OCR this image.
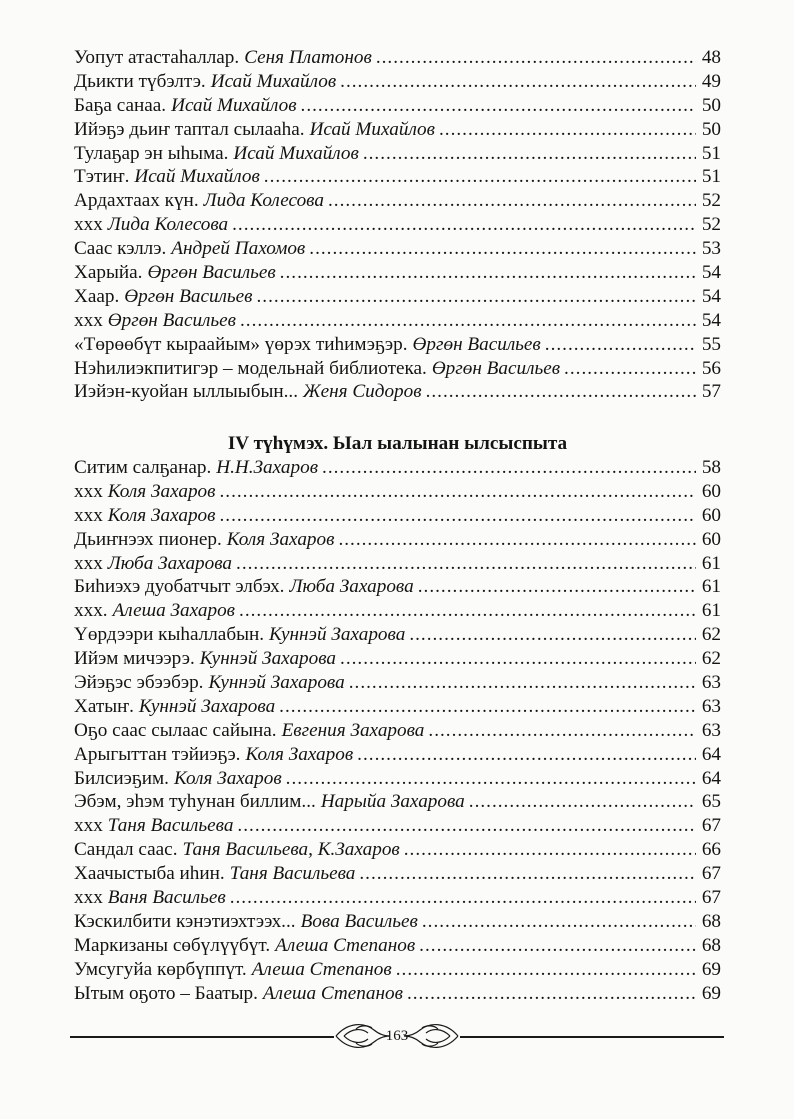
Уопут атастаһаллар. Сеня Платонов .....	48
Дьикти түбэлтэ. Исай Михайлов .....	49
Баҕа санаа. Исай Михайлов .....	50
Ийэҕэ дьиҥ таптал сылааһа. Исай Михайлов .....	50
Тулаҕар эн ыһыма. Исай Михайлов .....	51
Тэтиҥ. Исай Михайлов .....	51
Ардахтаах күн. Лида Колесова .....	52
ххх Лида Колесова .....	52
Саас кэллэ. Андрей Пахомов .....	53
Харыйа. Өргөн Васильев .....	54
Хаар. Өргөн Васильев .....	54
ххх Өргөн Васильев .....	54
«Төрөөбүт кыраайым» үөрэх тиһимэҕэр. Өргөн Васильев .....	55
Нэһилиэкпитигэр – модельнай библиотека. Өргөн Васильев .....	56
Иэйэн-куойан ыллыыбын... Женя Сидоров .....	57
IV түһүмэх. Ыал ыалынан ылсыспыта
Ситим салҕанар. Н.Н.Захаров .....	58
ххх Коля Захаров .....	60
ххх Коля Захаров .....	60
Дьиҥнээх пионер. Коля Захаров .....	60
ххх Люба Захарова .....	61
Биһиэхэ дуобатчыт элбэх. Люба Захарова .....	61
ххх. Алеша Захаров .....	61
Үөрдээри кыһаллабын. Куннэй Захарова .....	62
Ийэм мичээрэ. Куннэй Захарова .....	62
Эйэҕэс эбээбэр. Куннэй Захарова .....	63
Хатыҥ. Куннэй Захарова .....	63
Оҕо саас сылаас сайына. Евгения Захарова .....	63
Арыгыттан тэйиэҕэ. Коля Захаров .....	64
Билсиэҕим. Коля Захаров .....	64
Эбэм, эһэм туһунан биллим... Нарыйа Захарова .....	65
ххх Таня Васильева .....	67
Сандал саас. Таня Васильева, К.Захаров .....	66
Хаачыстыба иһин. Таня Васильева .....	67
ххх Ваня Васильев .....	67
Кэскилбити кэнэтиэхтээх... Вова Васильев .....	68
Маркизаны сөбүлүүбүт. Алеша Степанов .....	68
Умсугуйа көрбүппүт. Алеша Степанов .....	69
Ытым оҕото – Баатыр. Алеша Степанов .....	69
163
